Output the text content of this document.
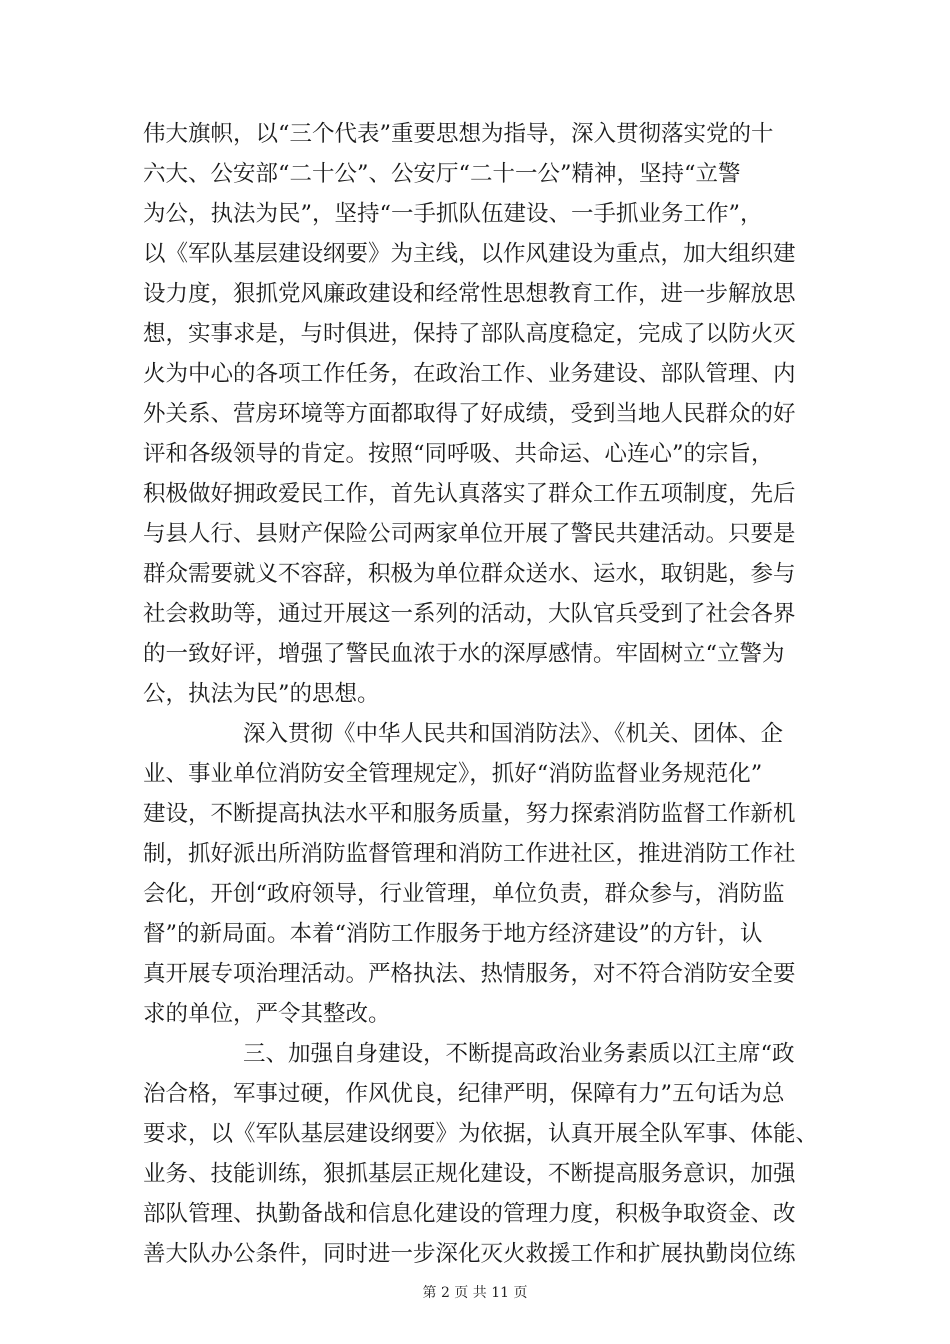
伟大旗帜，以“三个代表”重要思想为指导，深入贯彻落实党的十
六大、公安部“二十公”、公安厅“二十一公”精神，坚持“立警
为公，执法为民”，坚持“一手抓队伍建设、一手抓业务工作”，
以《军队基层建设纲要》为主线，以作风建设为重点，加大组织建
设力度，狠抓党风廉政建设和经常性思想教育工作，进一步解放思
想，实事求是，与时俱进，保持了部队高度稳定，完成了以防火灭
火为中心的各项工作任务，在政治工作、业务建设、部队管理、内
外关系、营房环境等方面都取得了好成绩，受到当地人民群众的好
评和各级领导的肯定。按照“同呼吸、共命运、心连心”的宗旨，
积极做好拥政爱民工作，首先认真落实了群众工作五项制度，先后
与县人行、县财产保险公司两家单位开展了警民共建活动。只要是
群众需要就义不容辞，积极为单位群众送水、运水，取钥匙，参与
社会救助等，通过开展这一系列的活动，大队官兵受到了社会各界
的一致好评，增强了警民血浓于水的深厚感情。牢固树立“立警为
公，执法为民”的思想。
深入贯彻《中华人民共和国消防法》、《机关、团体、企
业、事业单位消防安全管理规定》，抓好“消防监督业务规范化”
建设，不断提高执法水平和服务质量，努力探索消防监督工作新机
制，抓好派出所消防监督管理和消防工作进社区，推进消防工作社
会化，开创“政府领导，行业管理，单位负责，群众参与，消防监
督”的新局面。本着“消防工作服务于地方经济建设”的方针，认
真开展专项治理活动。严格执法、热情服务，对不符合消防安全要
求的单位，严令其整改。
三、加强自身建设，不断提高政治业务素质以江主席“政
治合格，军事过硬，作风优良，纪律严明，保障有力”五句话为总
要求，以《军队基层建设纲要》为依据，认真开展全队军事、体能、
业务、技能训练，狠抓基层正规化建设，不断提高服务意识，加强
部队管理、执勤备战和信息化建设的管理力度，积极争取资金、改
善大队办公条件，同时进一步深化灭火救援工作和扩展执勤岗位练
第 2 页 共 11 页
